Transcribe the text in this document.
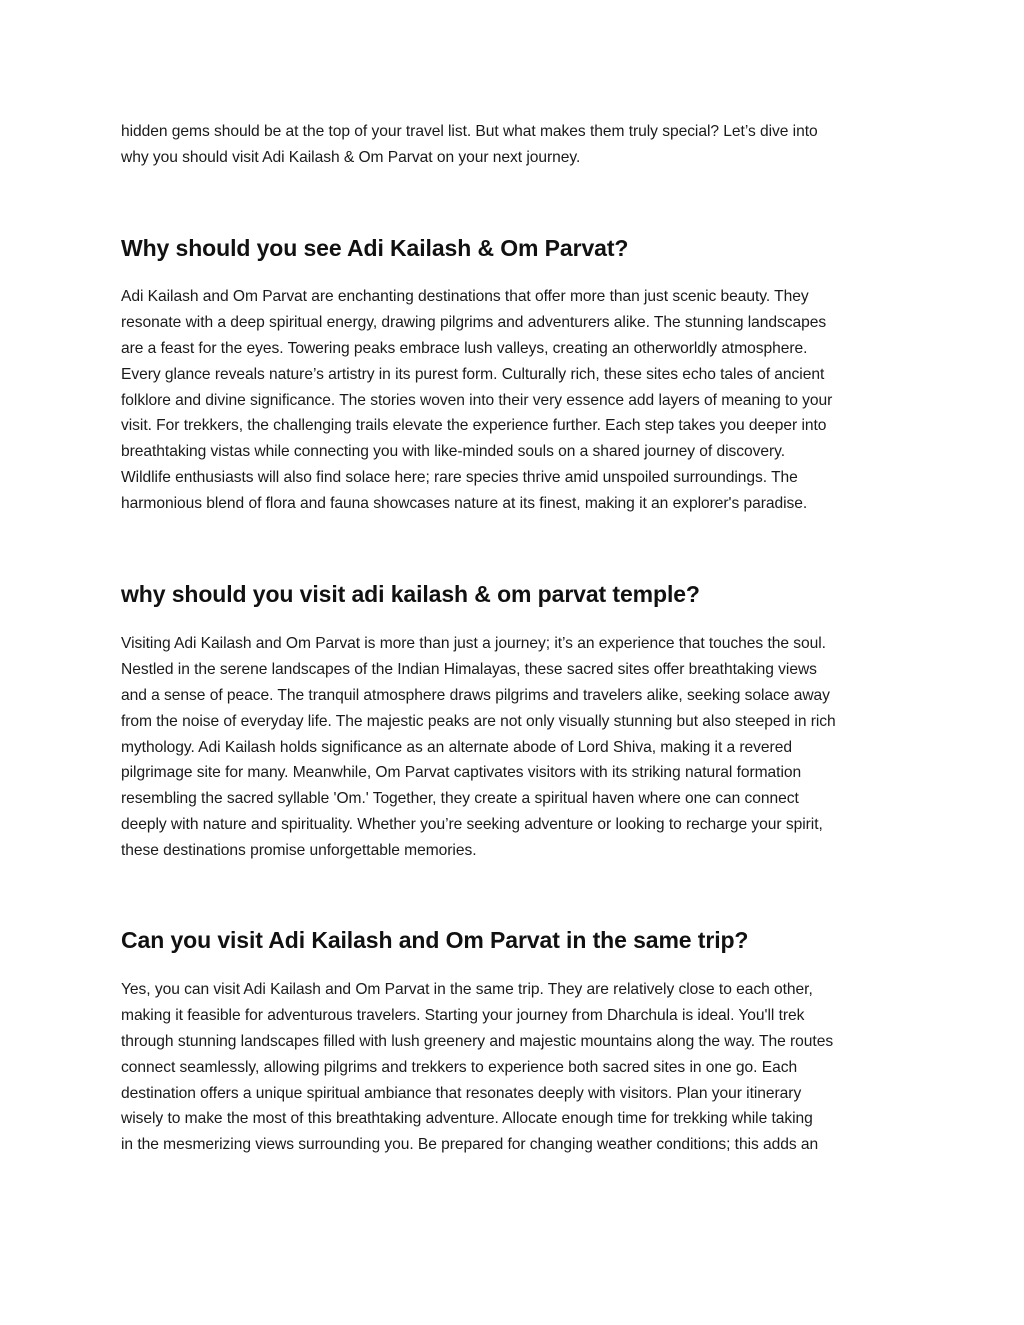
hidden gems should be at the top of your travel list. But what makes them truly special? Let’s dive into
why you should visit Adi Kailash & Om Parvat on your next journey.

Why should you see Adi Kailash & Om Parvat?

Adi Kailash and Om Parvat are enchanting destinations that offer more than just scenic beauty. They
resonate with a deep spiritual energy, drawing pilgrims and adventurers alike. The stunning landscapes
are a feast for the eyes. Towering peaks embrace lush valleys, creating an otherworldly atmosphere.
Every glance reveals nature’s artistry in its purest form. Culturally rich, these sites echo tales of ancient
folklore and divine significance. The stories woven into their very essence add layers of meaning to your
visit. For trekkers, the challenging trails elevate the experience further. Each step takes you deeper into
breathtaking vistas while connecting you with like-minded souls on a shared journey of discovery.
Wildlife enthusiasts will also find solace here; rare species thrive amid unspoiled surroundings. The
harmonious blend of flora and fauna showcases nature at its finest, making it an explorer's paradise.

why should you visit adi kailash & om parvat temple?

Visiting Adi Kailash and Om Parvat is more than just a journey; it’s an experience that touches the soul.
Nestled in the serene landscapes of the Indian Himalayas, these sacred sites offer breathtaking views
and a sense of peace. The tranquil atmosphere draws pilgrims and travelers alike, seeking solace away
from the noise of everyday life. The majestic peaks are not only visually stunning but also steeped in rich
mythology. Adi Kailash holds significance as an alternate abode of Lord Shiva, making it a revered
pilgrimage site for many. Meanwhile, Om Parvat captivates visitors with its striking natural formation
resembling the sacred syllable 'Om.' Together, they create a spiritual haven where one can connect
deeply with nature and spirituality. Whether you’re seeking adventure or looking to recharge your spirit,
these destinations promise unforgettable memories.

Can you visit Adi Kailash and Om Parvat in the same trip?

Yes, you can visit Adi Kailash and Om Parvat in the same trip. They are relatively close to each other,
making it feasible for adventurous travelers. Starting your journey from Dharchula is ideal. You'll trek
through stunning landscapes filled with lush greenery and majestic mountains along the way. The routes
connect seamlessly, allowing pilgrims and trekkers to experience both sacred sites in one go. Each
destination offers a unique spiritual ambiance that resonates deeply with visitors. Plan your itinerary
wisely to make the most of this breathtaking adventure. Allocate enough time for trekking while taking
in the mesmerizing views surrounding you. Be prepared for changing weather conditions; this adds an
